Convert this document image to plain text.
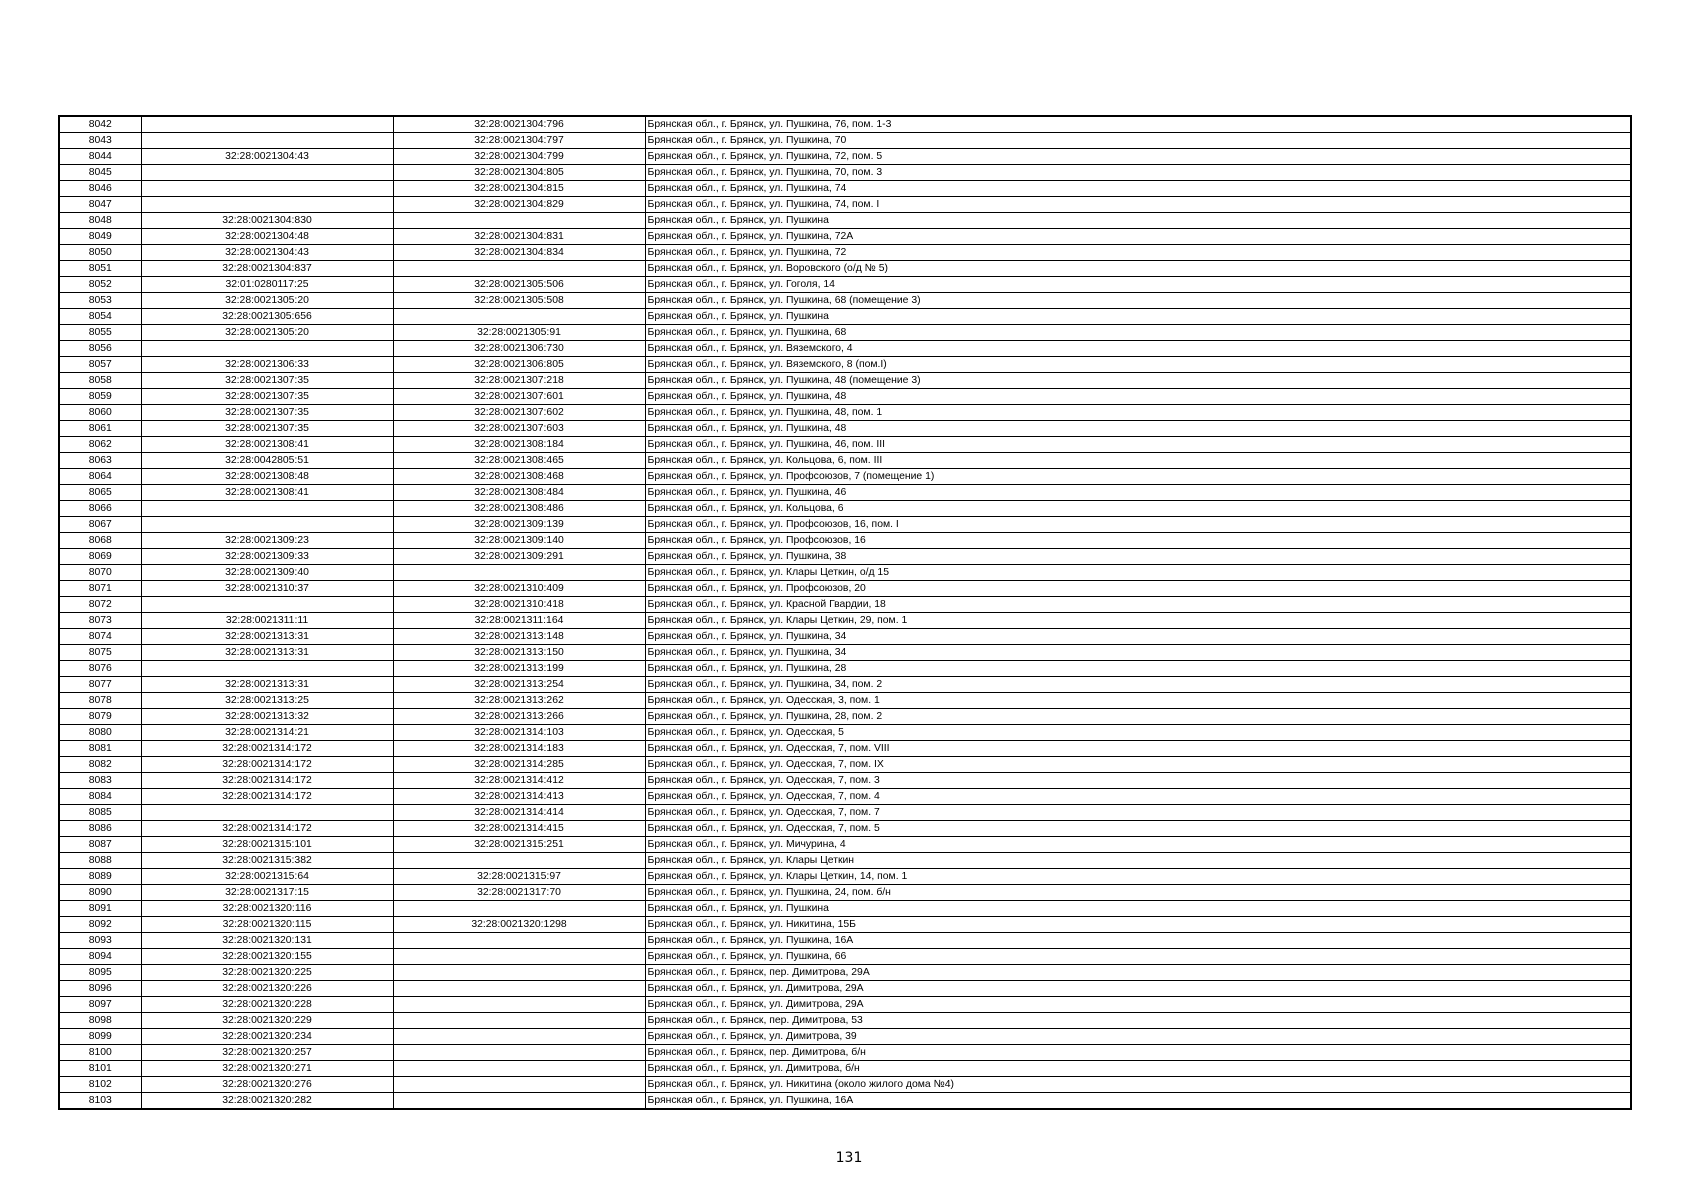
8042		32:28:0021304:796	Брянская обл., г. Брянск, ул. Пушкина, 76, пом. 1-3
8043		32:28:0021304:797	Брянская обл., г. Брянск, ул. Пушкина, 70
8044	32:28:0021304:43	32:28:0021304:799	Брянская обл., г. Брянск, ул. Пушкина, 72, пом. 5
8045		32:28:0021304:805	Брянская обл., г. Брянск, ул. Пушкина, 70, пом. 3
8046		32:28:0021304:815	Брянская обл., г. Брянск, ул. Пушкина, 74
8047		32:28:0021304:829	Брянская обл., г. Брянск, ул. Пушкина, 74, пом. I
8048	32:28:0021304:830		Брянская обл., г. Брянск, ул. Пушкина
8049	32:28:0021304:48	32:28:0021304:831	Брянская обл., г. Брянск, ул. Пушкина, 72А
8050	32:28:0021304:43	32:28:0021304:834	Брянская обл., г. Брянск, ул. Пушкина, 72
8051	32:28:0021304:837		Брянская обл., г. Брянск, ул. Воровского (о/д № 5)
8052	32:01:0280117:25	32:28:0021305:506	Брянская обл., г. Брянск, ул. Гоголя, 14
8053	32:28:0021305:20	32:28:0021305:508	Брянская обл., г. Брянск, ул. Пушкина, 68 (помещение 3)
8054	32:28:0021305:656		Брянская обл., г. Брянск, ул. Пушкина
8055	32:28:0021305:20	32:28:0021305:91	Брянская обл., г. Брянск, ул. Пушкина, 68
8056		32:28:0021306:730	Брянская обл., г. Брянск, ул. Вяземского, 4
8057	32:28:0021306:33	32:28:0021306:805	Брянская обл., г. Брянск, ул. Вяземского, 8 (пом.I)
8058	32:28:0021307:35	32:28:0021307:218	Брянская обл., г. Брянск, ул. Пушкина, 48 (помещение 3)
8059	32:28:0021307:35	32:28:0021307:601	Брянская обл., г. Брянск, ул. Пушкина, 48
8060	32:28:0021307:35	32:28:0021307:602	Брянская обл., г. Брянск, ул. Пушкина, 48, пом. 1
8061	32:28:0021307:35	32:28:0021307:603	Брянская обл., г. Брянск, ул. Пушкина, 48
8062	32:28:0021308:41	32:28:0021308:184	Брянская обл., г. Брянск, ул. Пушкина, 46, пом. III
8063	32:28:0042805:51	32:28:0021308:465	Брянская обл., г. Брянск, ул. Кольцова, 6, пом. III
8064	32:28:0021308:48	32:28:0021308:468	Брянская обл., г. Брянск, ул. Профсоюзов, 7 (помещение 1)
8065	32:28:0021308:41	32:28:0021308:484	Брянская обл., г. Брянск, ул. Пушкина, 46
8066		32:28:0021308:486	Брянская обл., г. Брянск, ул. Кольцова, 6
8067		32:28:0021309:139	Брянская обл., г. Брянск, ул. Профсоюзов, 16, пом. I
8068	32:28:0021309:23	32:28:0021309:140	Брянская обл., г. Брянск, ул. Профсоюзов, 16
8069	32:28:0021309:33	32:28:0021309:291	Брянская обл., г. Брянск, ул. Пушкина, 38
8070	32:28:0021309:40		Брянская обл., г. Брянск, ул. Клары Цеткин, о/д 15
8071	32:28:0021310:37	32:28:0021310:409	Брянская обл., г. Брянск, ул. Профсоюзов, 20
8072		32:28:0021310:418	Брянская обл., г. Брянск, ул. Красной Гвардии, 18
8073	32:28:0021311:11	32:28:0021311:164	Брянская обл., г. Брянск, ул. Клары Цеткин, 29, пом. 1
8074	32:28:0021313:31	32:28:0021313:148	Брянская обл., г. Брянск, ул. Пушкина, 34
8075	32:28:0021313:31	32:28:0021313:150	Брянская обл., г. Брянск, ул. Пушкина, 34
8076		32:28:0021313:199	Брянская обл., г. Брянск, ул. Пушкина, 28
8077	32:28:0021313:31	32:28:0021313:254	Брянская обл., г. Брянск, ул. Пушкина, 34, пом. 2
8078	32:28:0021313:25	32:28:0021313:262	Брянская обл., г. Брянск, ул. Одесская, 3, пом. 1
8079	32:28:0021313:32	32:28:0021313:266	Брянская обл., г. Брянск, ул. Пушкина, 28, пом. 2
8080	32:28:0021314:21	32:28:0021314:103	Брянская обл., г. Брянск, ул. Одесская, 5
8081	32:28:0021314:172	32:28:0021314:183	Брянская обл., г. Брянск, ул. Одесская, 7, пом. VIII
8082	32:28:0021314:172	32:28:0021314:285	Брянская обл., г. Брянск, ул. Одесская, 7, пом. IX
8083	32:28:0021314:172	32:28:0021314:412	Брянская обл., г. Брянск, ул. Одесская, 7, пом. 3
8084	32:28:0021314:172	32:28:0021314:413	Брянская обл., г. Брянск, ул. Одесская, 7, пом. 4
8085		32:28:0021314:414	Брянская обл., г. Брянск, ул. Одесская, 7, пом. 7
8086	32:28:0021314:172	32:28:0021314:415	Брянская обл., г. Брянск, ул. Одесская, 7, пом. 5
8087	32:28:0021315:101	32:28:0021315:251	Брянская обл., г. Брянск, ул. Мичурина, 4
8088	32:28:0021315:382		Брянская обл., г. Брянск, ул. Клары Цеткин
8089	32:28:0021315:64	32:28:0021315:97	Брянская обл., г. Брянск, ул. Клары Цеткин, 14, пом. 1
8090	32:28:0021317:15	32:28:0021317:70	Брянская обл., г. Брянск, ул. Пушкина, 24, пом. б/н
8091	32:28:0021320:116		Брянская обл., г. Брянск, ул. Пушкина
8092	32:28:0021320:115	32:28:0021320:1298	Брянская обл., г. Брянск, ул. Никитина, 15Б
8093	32:28:0021320:131		Брянская обл., г. Брянск, ул. Пушкина, 16А
8094	32:28:0021320:155		Брянская обл., г. Брянск, ул. Пушкина, 66
8095	32:28:0021320:225		Брянская обл., г. Брянск, пер. Димитрова, 29А
8096	32:28:0021320:226		Брянская обл., г. Брянск, ул. Димитрова, 29А
8097	32:28:0021320:228		Брянская обл., г. Брянск, ул. Димитрова, 29А
8098	32:28:0021320:229		Брянская обл., г. Брянск, пер. Димитрова, 53
8099	32:28:0021320:234		Брянская обл., г. Брянск, ул. Димитрова, 39
8100	32:28:0021320:257		Брянская обл., г. Брянск, пер. Димитрова, б/н
8101	32:28:0021320:271		Брянская обл., г. Брянск, ул. Димитрова, б/н
8102	32:28:0021320:276		Брянская обл., г. Брянск, ул. Никитина (около жилого дома №4)
8103	32:28:0021320:282		Брянская обл., г. Брянск, ул. Пушкина, 16А
131
